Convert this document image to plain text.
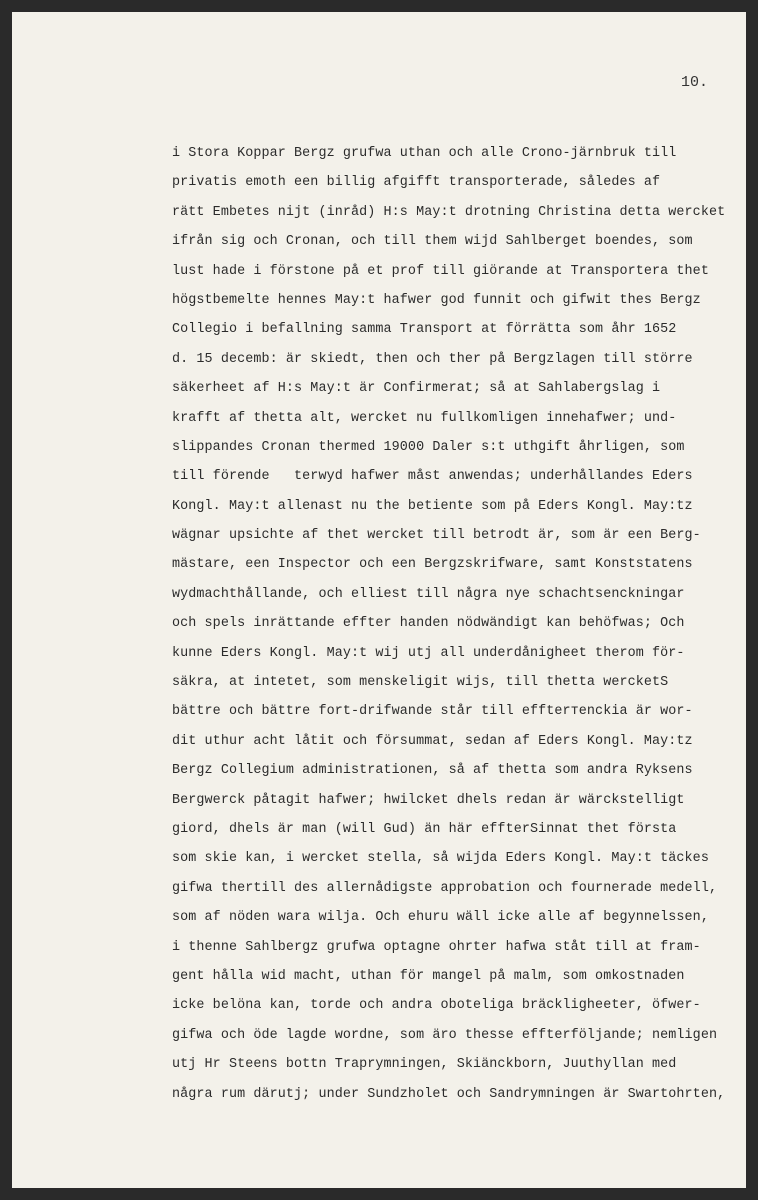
10.

i Stora Koppar Bergz grufwa uthan och alle Crono-järnbruk till
privatis emoth een billig afgifft transporterade, således af
rätt Embetes nijt (inråd) H:s May:t drotning Christina detta wercket
ifrån sig och Cronan, och till them wijd Sahlberget boendes, som
lust hade i förstone på et prof till giörande at Transportera thet
högstbemelte hennes May:t hafwer god funnit och gifwit thes Bergz
Collegio i befallning samma Transport at förrätta som åhr 1652
d. 15 decemb: är skiedt, then och ther på Bergzlagen till större
säkerheet af H:s May:t är Confirmerat; så at Sahlabergslag i
krafft af thetta alt, wercket nu fullkomligen innehafwer; und-
slippandes Cronan thermed 19000 Daler s:t uthgift åhrligen, som
till förende   terwyd hafwer måst anwendas; underhållandes Eders
Kongl. May:t allenast nu the betiente som på Eders Kongl. May:tz
wägnar upsichte af thet wercket till betrodt är, som är een Berg-
mästare, een Inspector och een Bergzskrifware, samt Konststatens
wydmachthållande, och elliest till några nye schachtsenckningar
och spels inrättande effter handen nödwändigt kan behöfwas; Och
kunne Eders Kongl. May:t wij utj all underdånigheet therom för-
säkra, at intetet, som menskeligit wijs, till thetta wercketS
bättre och bättre fort-drifwande står till effterтenckia är wor-
dit uthur acht låtit och försummat, sedan af Eders Kongl. May:tz
Bergz Collegium administrationen, så af thetta som andra Ryksens
Bergwerck påtagit hafwer; hwilcket dhels redan är wärckstelligt
giord, dhels är man (will Gud) än här effterSinnat thet första
som skie kan, i wercket stella, så wijda Eders Kongl. May:t täckes
gifwa thertill des allernådigste approbation och fournerade medell,
som af nöden wara wilja. Och ehuru wäll icke alle af begynnelssen,
i thenne Sahlbergz grufwa optagne ohrter hafwa ståt till at fram-
gent hålla wid macht, uthan för mangel på malm, som omkostnaden
icke belöna kan, torde och andra oboteliga bräckligheeter, öfwer-
gifwa och öde lagde wordne, som äro thesse effterföljande; nemligen
utj Hr Steens bottn Traprymningen, Skiänckborn, Juuthyllan med
några rum därutj; under Sundzholet och Sandrymningen är Swartohrten,
